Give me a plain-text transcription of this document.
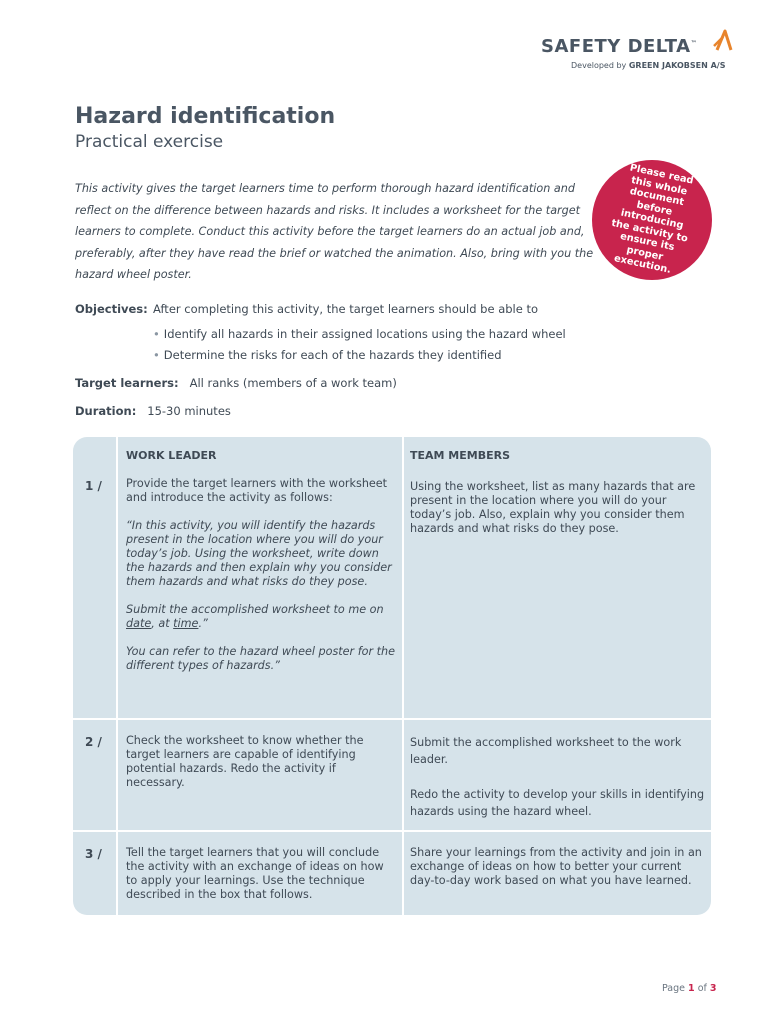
SAFETY DELTA™
Developed by GREEN JAKOBSEN A/S
Hazard identification
Practical exercise
This activity gives the target learners time to perform thorough hazard identification and reflect on the difference between hazards and risks. It includes a worksheet for the target learners to complete. Conduct this activity before the target learners do an actual job and, preferably, after they have read the brief or watched the animation. Also, bring with you the hazard wheel poster.
Please read this whole document before introducing the activity to ensure its proper execution.
Objectives: After completing this activity, the target learners should be able to
• Identify all hazards in their assigned locations using the hazard wheel
• Determine the risks for each of the hazards they identified
Target learners: All ranks (members of a work team)
Duration: 15-30 minutes
WORK LEADER	TEAM MEMBERS
1 / Provide the target learners with the worksheet and introduce the activity as follows:

“In this activity, you will identify the hazards present in the location where you will do your today’s job. Using the worksheet, write down the hazards and then explain why you consider them hazards and what risks do they pose.

Submit the accomplished worksheet to me on date, at time.”

You can refer to the hazard wheel poster for the different types of hazards.”

Using the worksheet, list as many hazards that are present in the location where you will do your today’s job. Also, explain why you consider them hazards and what risks do they pose.
2 / Check the worksheet to know whether the target learners are capable of identifying potential hazards. Redo the activity if necessary.

Submit the accomplished worksheet to the work leader.

Redo the activity to develop your skills in identifying hazards using the hazard wheel.

3 / Tell the target learners that you will conclude the activity with an exchange of ideas on how to apply your learnings. Use the technique described in the box that follows.
Share your learnings from the activity and join in an exchange of ideas on how to better your current day-to-day work based on what you have learned.
Page 1 of 3
